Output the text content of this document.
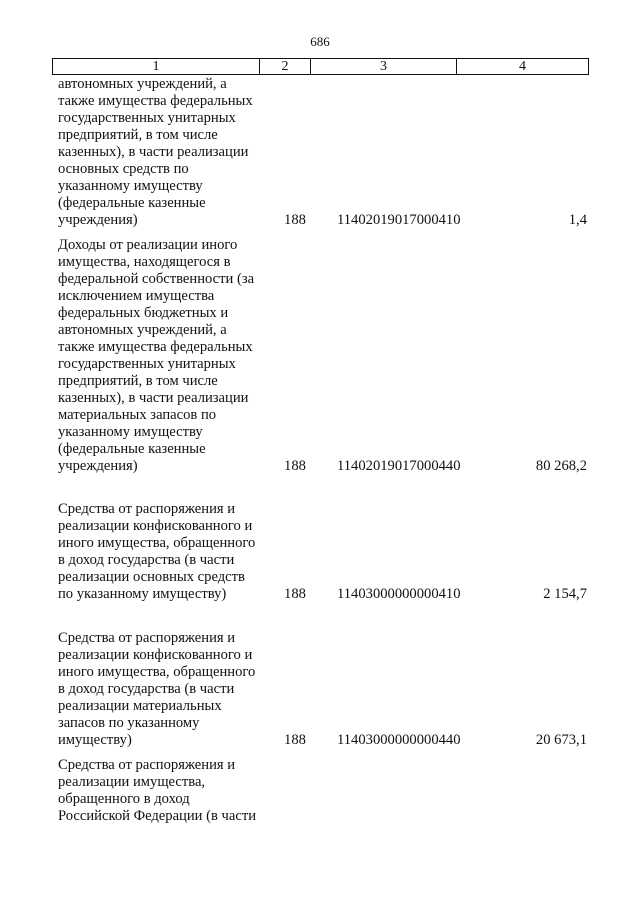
686
1	2	3	4

автономных учреждений, а

также имущества федеральных

государственных унитарных

предприятий, в том числе

казенных), в части реализации

основных средств по

указанному имуществу

(федеральные казенные

учреждения)	188 11402019017000410	1,4

Доходы от реализации иного

имущества, находящегося в

федеральной собственности (за

исключением имущества

федеральных бюджетных и

автономных учреждений, а

также имущества федеральных

государственных унитарных

предприятий, в том числе

казенных), в части реализации

материальных запасов по

указанному имуществу

(федеральные казенные

учреждения)	188 11402019017000440	80 268,2

Средства от распоряжения и

реализации конфискованного и

иного имущества, обращенного

в доход государства (в части

реализации основных средств

по указанному имуществу)	188 11403000000000410	2 154,7

Средства от распоряжения и

реализации конфискованного и

иного имущества, обращенного

в доход государства (в части

реализации материальных

запасов по указанному

имуществу)	188 11403000000000440	20 673,1

Средства от распоряжения и

реализации имущества,

обращенного в доход

Российской Федерации (в части
